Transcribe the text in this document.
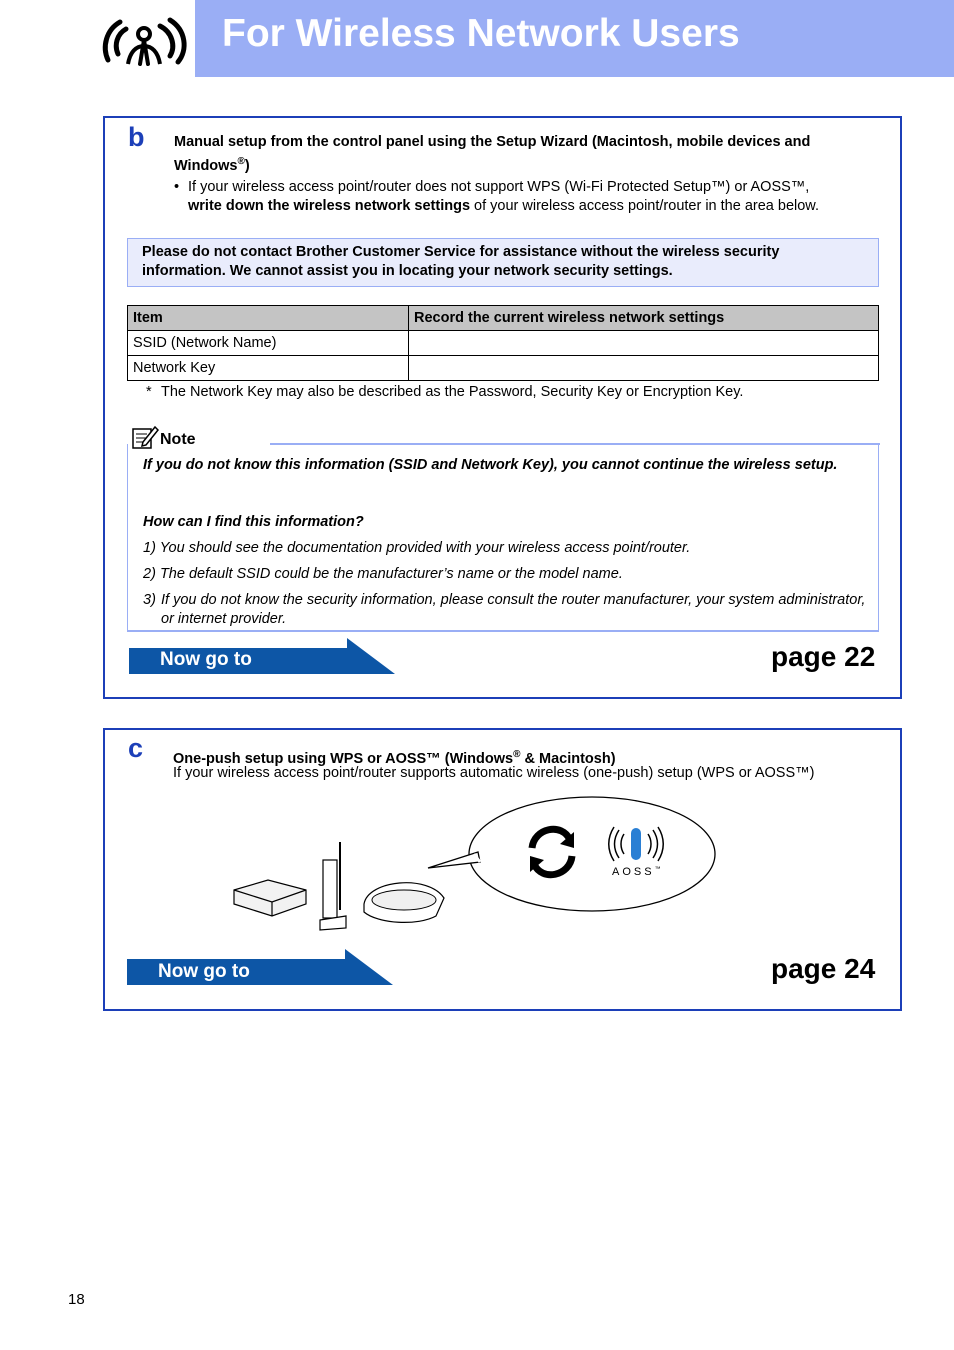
For Wireless Network Users
b Manual setup from the control panel using the Setup Wizard (Macintosh, mobile devices and Windows®)
• If your wireless access point/router does not support WPS (Wi-Fi Protected Setup™) or AOSS™,
write down the wireless network settings of your wireless access point/router in the area below.
Please do not contact Brother Customer Service for assistance without the wireless security information. We cannot assist you in locating your network security settings.
Item	Record the current wireless network settings
SSID (Network Name)	
Network Key	
* The Network Key may also be described as the Password, Security Key or Encryption Key.
Note
If you do not know this information (SSID and Network Key), you cannot continue the wireless setup.
How can I find this information?
1) You should see the documentation provided with your wireless access point/router.
2) The default SSID could be the manufacturer’s name or the model name.
3) If you do not know the security information, please consult the router manufacturer, your system administrator, or internet provider.
Now go to	page 22
c One-push setup using WPS or AOSS™ (Windows® & Macintosh)
If your wireless access point/router supports automatic wireless (one-push) setup (WPS or AOSS™)
AOSS™
Now go to	page 24
18
